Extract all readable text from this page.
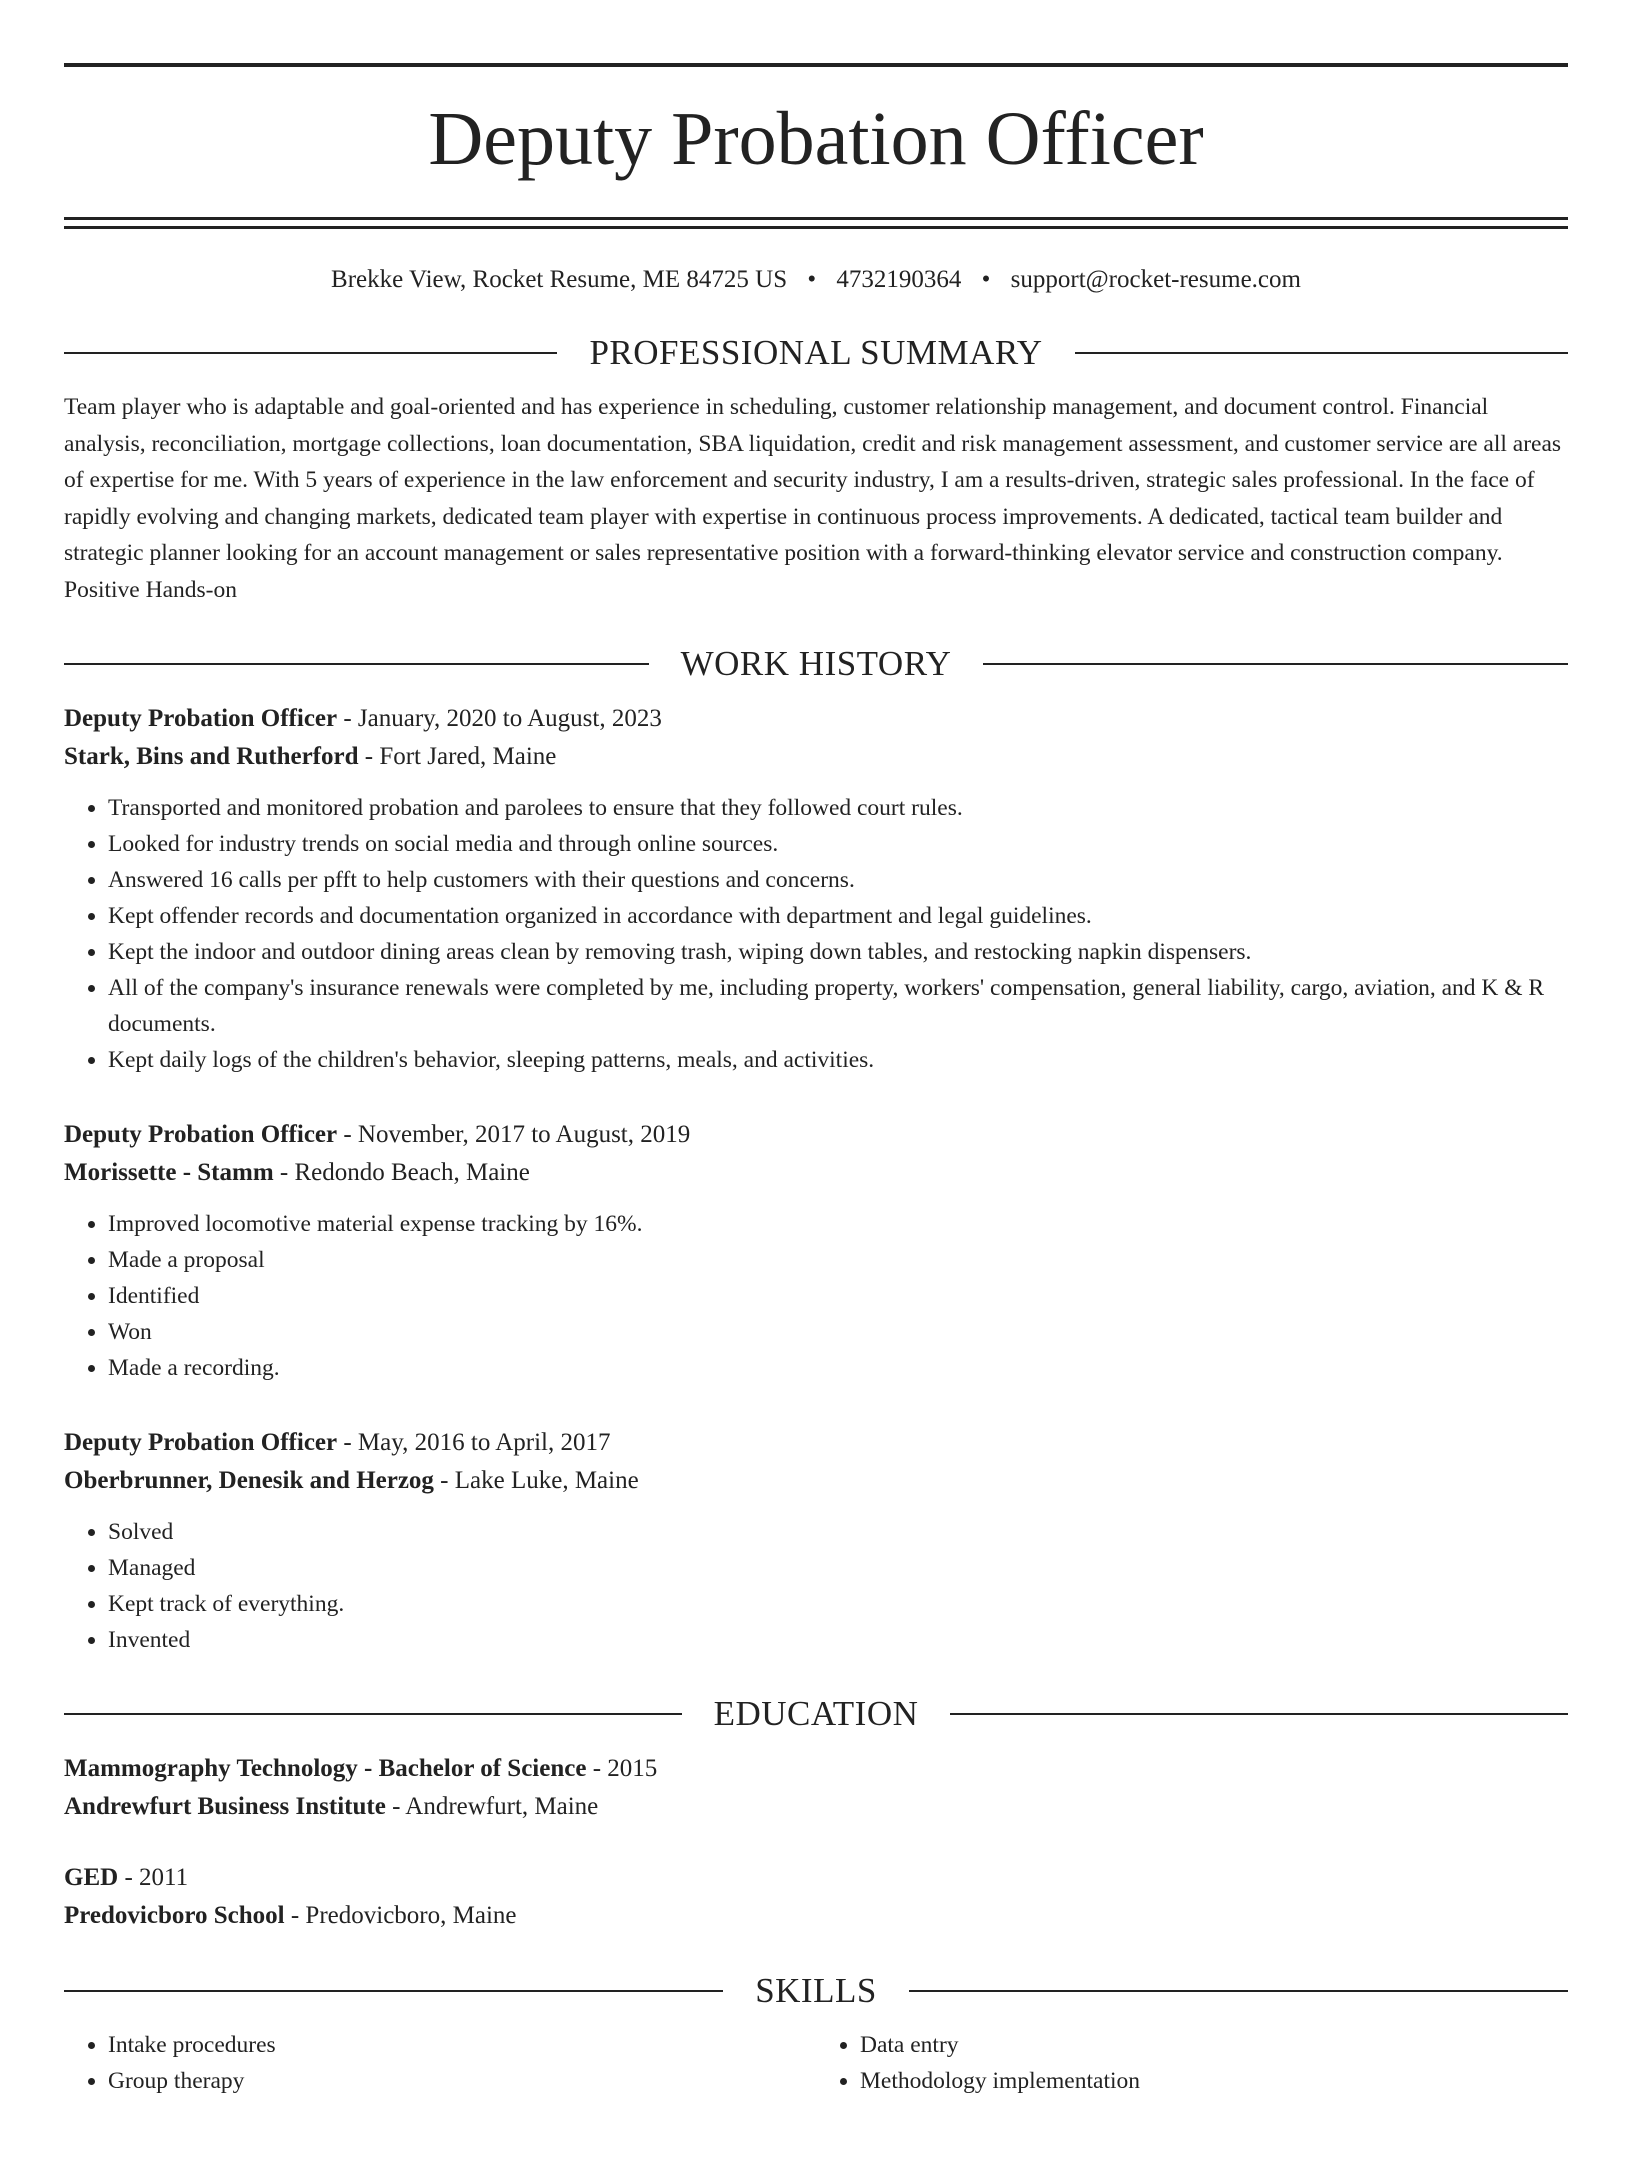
Deputy Probation Officer
Brekke View, Rocket Resume, ME 84725 US • 4732190364 • support@rocket-resume.com
PROFESSIONAL SUMMARY

Team player who is adaptable and goal-oriented and has experience in scheduling, customer relationship management, and document control. Financial analysis, reconciliation, mortgage collections, loan documentation, SBA liquidation, credit and risk management assessment, and customer service are all areas of expertise for me. With 5 years of experience in the law enforcement and security industry, I am a results-driven, strategic sales professional. In the face of rapidly evolving and changing markets, dedicated team player with expertise in continuous process improvements. A dedicated, tactical team builder and strategic planner looking for an account management or sales representative position with a forward-thinking elevator service and construction company. Positive Hands-on

WORK HISTORY
Deputy Probation Officer - January, 2020 to August, 2023
Stark, Bins and Rutherford - Fort Jared, Maine
• Transported and monitored probation and parolees to ensure that they followed court rules.
• Looked for industry trends on social media and through online sources.
• Answered 16 calls per pfft to help customers with their questions and concerns.
• Kept offender records and documentation organized in accordance with department and legal guidelines.
• Kept the indoor and outdoor dining areas clean by removing trash, wiping down tables, and restocking napkin dispensers.
• All of the company's insurance renewals were completed by me, including property, workers' compensation, general liability, cargo, aviation, and K & R documents.
• Kept daily logs of the children's behavior, sleeping patterns, meals, and activities.
Deputy Probation Officer - November, 2017 to August, 2019
Morissette - Stamm - Redondo Beach, Maine
• Improved locomotive material expense tracking by 16%.
• Made a proposal
• Identified
• Won
• Made a recording.
Deputy Probation Officer - May, 2016 to April, 2017
Oberbrunner, Denesik and Herzog - Lake Luke, Maine
• Solved
• Managed
• Kept track of everything.
• Invented
EDUCATION
Mammography Technology - Bachelor of Science - 2015
Andrewfurt Business Institute - Andrewfurt, Maine
GED - 2011
Predovicboro School - Predovicboro, Maine
SKILLS
• Intake procedures
• Group therapy
• Data entry
• Methodology implementation
